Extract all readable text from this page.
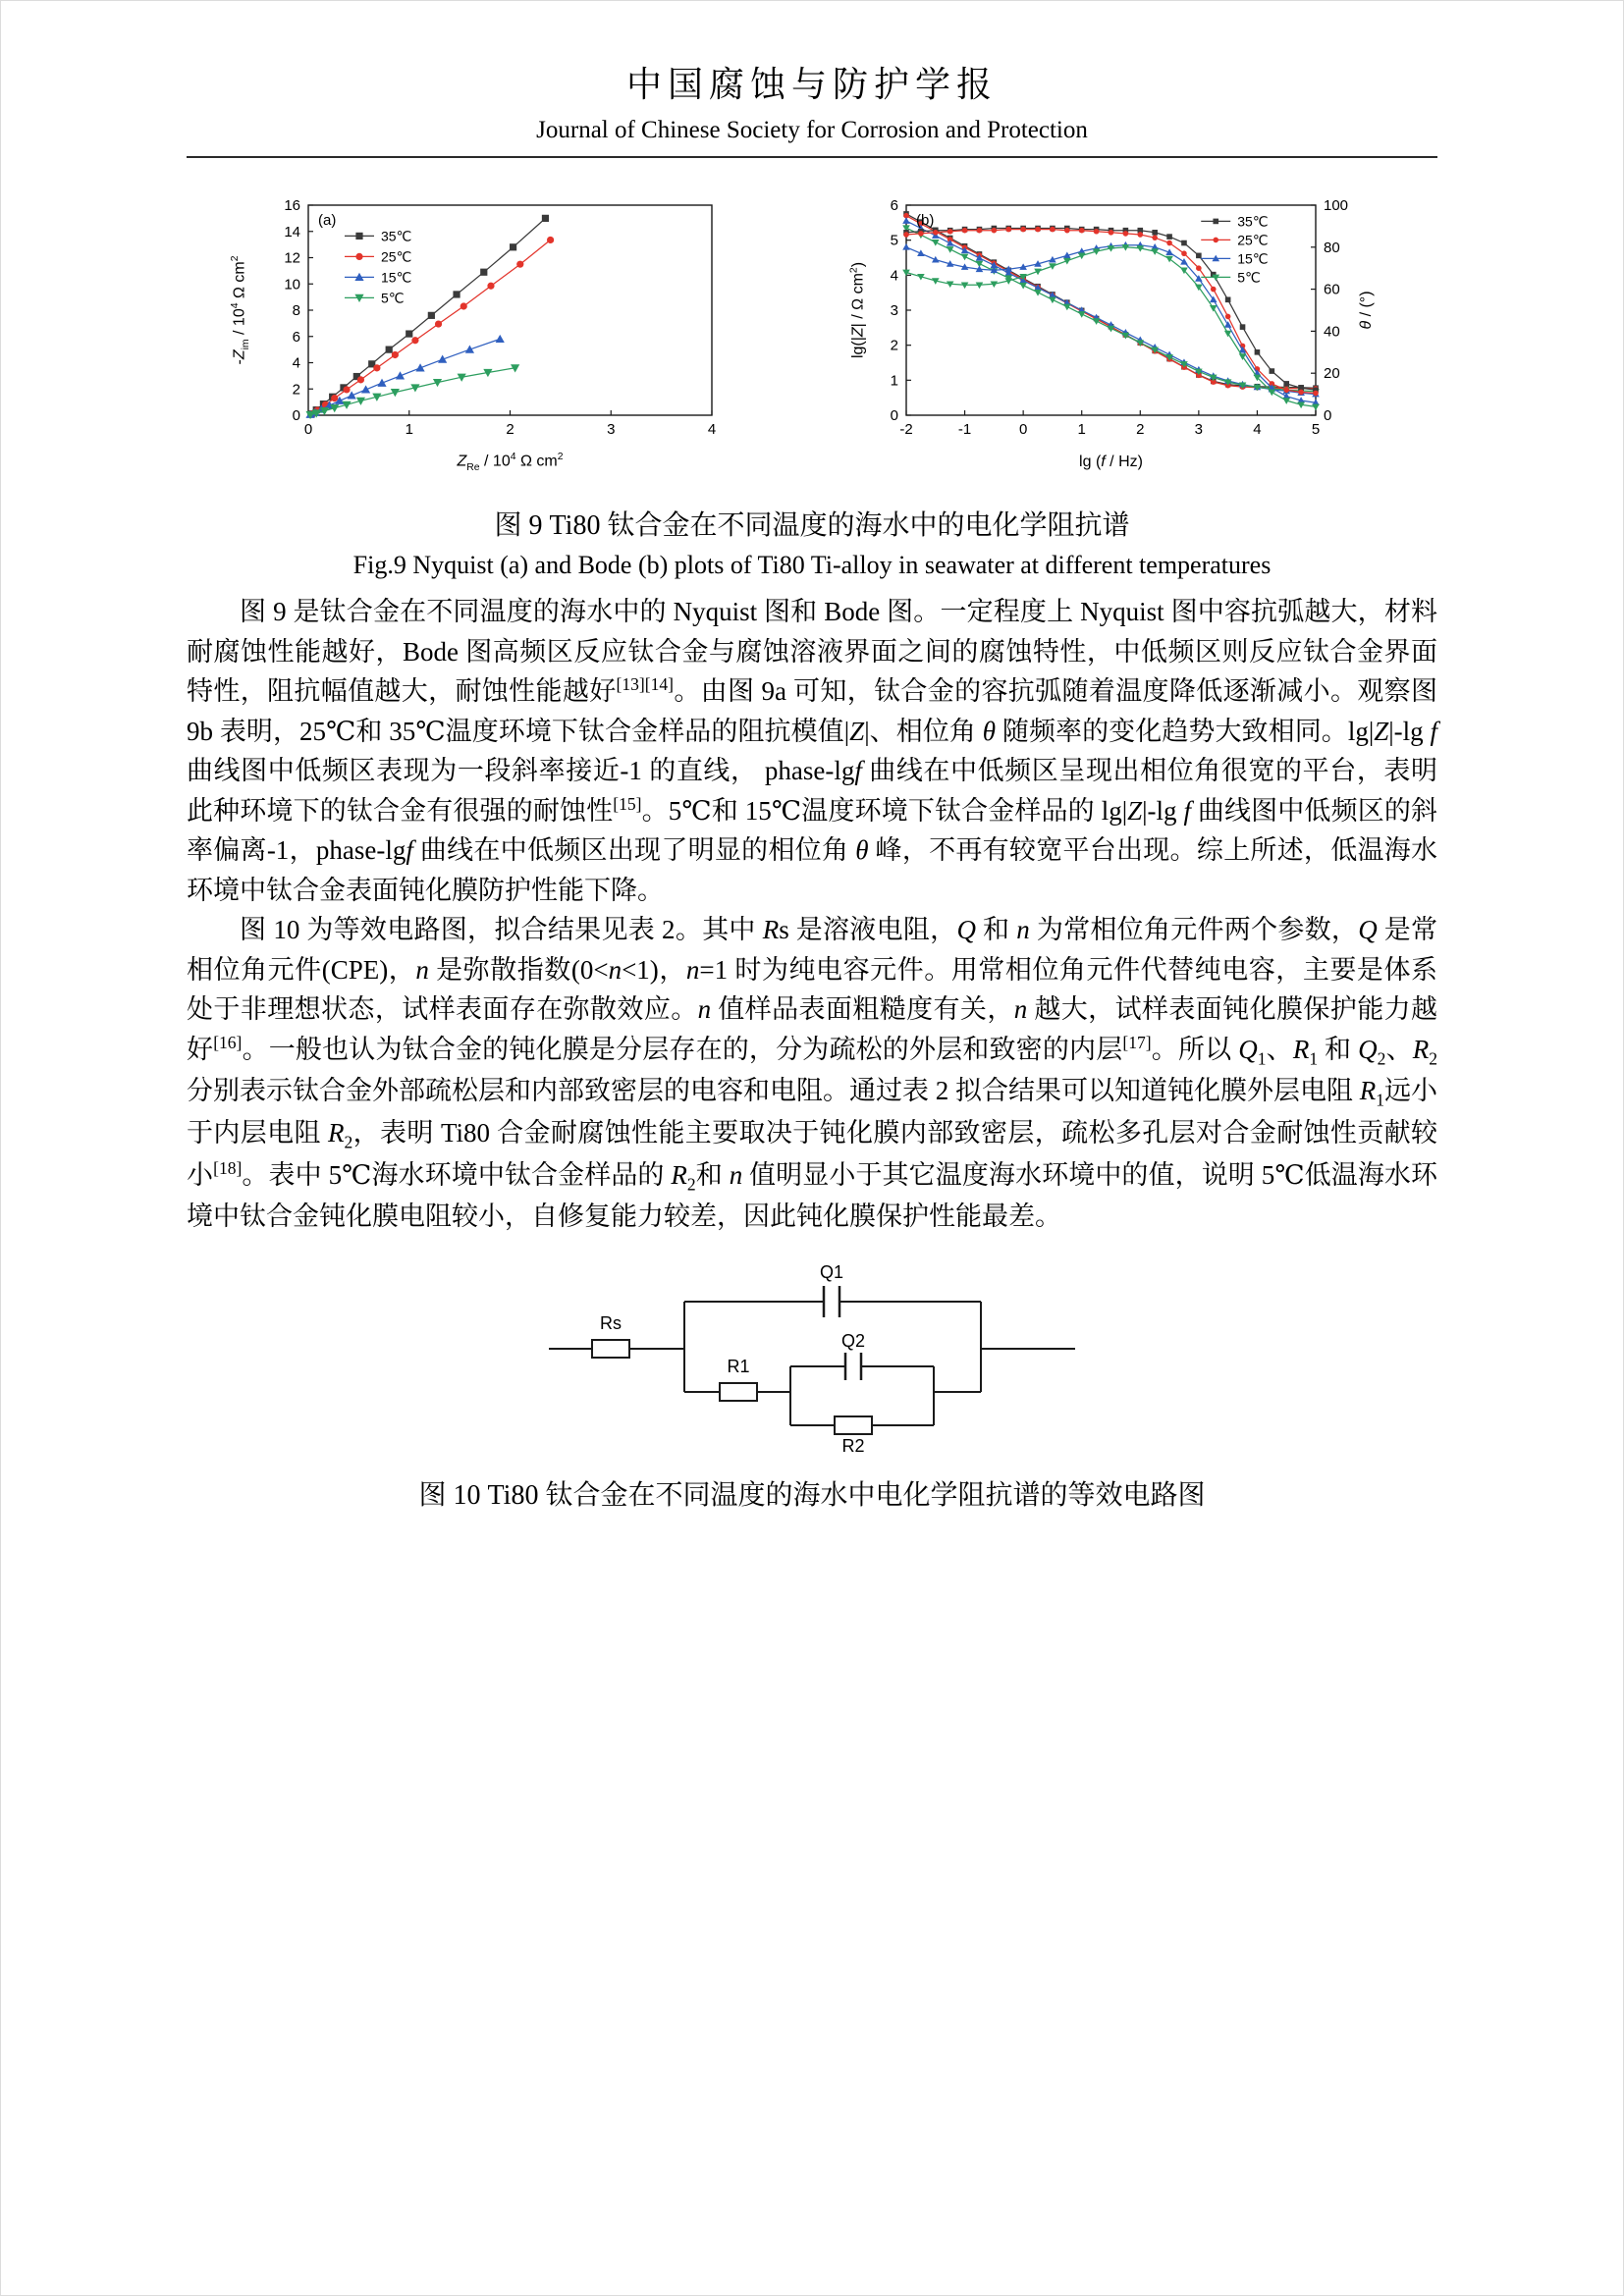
中国腐蚀与防护学报
Journal of Chinese Society for Corrosion and Protection
0	1	2	3	4
0
2
4
6
8
10
12
14
16
(a)
35℃
25℃
15℃
5℃
$Z_{Re} / 10^4$ Ω $cm^2$
$-Z_{im} / 10^4$ Ω $cm^2$
-2	-1	0	1	2	3	4	5
0
1
2
3
4
5
6
0
20
40
60
80
100
(b)	35℃
25℃
15℃
5℃
lg (f / Hz)
lg(|Z| / Ω $cm^2$)
θ / (°)
图 9 Ti80 钛合金在不同温度的海水中的电化学阻抗谱
Fig.9 Nyquist (a) and Bode (b) plots of Ti80 Ti-alloy in seawater at different temperatures

图 9 是钛合金在不同温度的海水中的 Nyquist 图和 Bode 图。一定程度上 Nyquist 图中容抗弧越大，材料耐腐蚀性能越好，Bode 图高频区反应钛合金与腐蚀溶液界面之间的腐蚀特性，中低频区则反应钛合金界面特性，阻抗幅值越大，耐蚀性能越好[13][14]。由图 9a 可知，钛合金的容抗弧随着温度降低逐渐减小。观察图 9b 表明，25℃和 35℃温度环境下钛合金样品的阻抗模值|Z|、相位角 θ 随频率的变化趋势大致相同。lg|Z|-lg f 曲线图中低频区表现为一段斜率接近-1 的直线， phase-lgf 曲线在中低频区呈现出相位角很宽的平台，表明此种环境下的钛合金有很强的耐蚀性[15]。5℃和 15℃温度环境下钛合金样品的 lg|Z|-lg f 曲线图中低频区的斜率偏离-1，phase-lgf 曲线在中低频区出现了明显的相位角 θ 峰，不再有较宽平台出现。综上所述，低温海水环境中钛合金表面钝化膜防护性能下降。

图 10 为等效电路图，拟合结果见表 2。其中 Rs 是溶液电阻，Q 和 n 为常相位角元件两个参数，Q 是常相位角元件(CPE)，n 是弥散指数(0<n<1)，n=1 时为纯电容元件。用常相位角元件代替纯电容，主要是体系处于非理想状态，试样表面存在弥散效应。n 值样品表面粗糙度有关，n 越大，试样表面钝化膜保护能力越好[16]。一般也认为钛合金的钝化膜是分层存在的，分为疏松的外层和致密的内层[17]。所以 $Q_1$、$R_1$ 和 $Q_2$、$R_2$ 分别表示钛合金外部疏松层和内部致密层的电容和电阻。通过表 2 拟合结果可以知道钝化膜外层电阻 $R_1$远小于内层电阻 $R_2$，表明 Ti80 合金耐腐蚀性能主要取决于钝化膜内部致密层，疏松多孔层对合金耐蚀性贡献较小[18]。表中 5℃海水环境中钛合金样品的 $R_2$和 n 值明显小于其它温度海水环境中的值，说明 5℃低温海水环境中钛合金钝化膜电阻较小，自修复能力较差，因此钝化膜保护性能最差。

Rs
Q1
R1
Q2
R2
图 10 Ti80 钛合金在不同温度的海水中电化学阻抗谱的等效电路图
